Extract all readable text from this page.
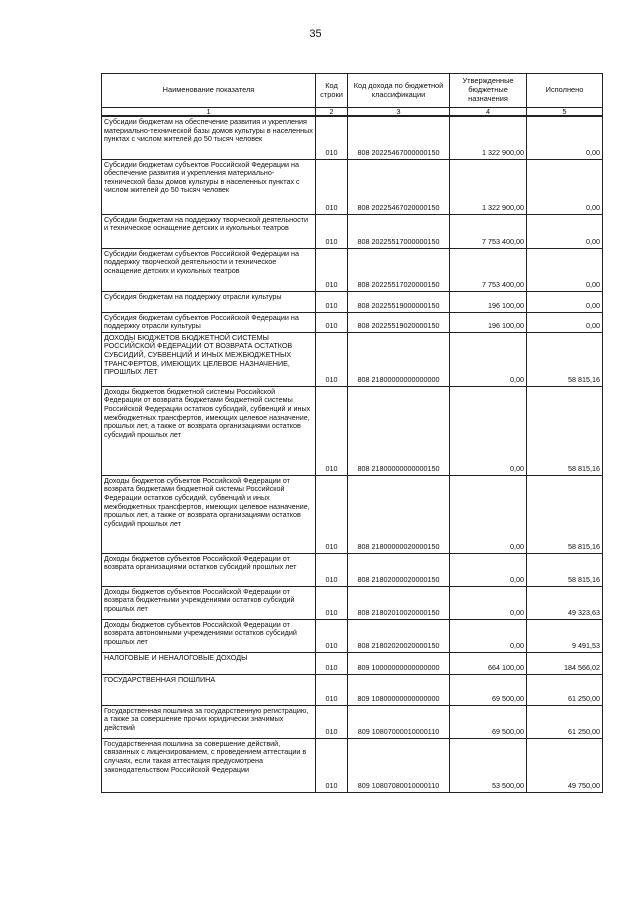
35
Наименование показателя	Код строки	Код дохода по бюджетной классификации	Утвержденные бюджетные назначения	Исполнено
1	2	3	4	5
Субсидии бюджетам на обеспечение развития и укрепления материально-технической базы домов культуры в населенных пунктах с числом жителей до 50 тысяч человек	010	808 20225467000000150	1 322 900,00	0,00
Субсидии бюджетам субъектов Российской Федерации на обеспечение развития и укрепления материально-технической базы домов культуры в населенных пунктах с числом жителей до 50 тысяч человек	010	808 20225467020000150	1 322 900,00	0,00
Субсидии бюджетам на поддержку творческой деятельности и техническое оснащение детских и кукольных театров	010	808 20225517000000150	7 753 400,00	0,00
Субсидии бюджетам субъектов Российской Федерации на поддержку творческой деятельности и техническое оснащение детских и кукольных театров	010	808 20225517020000150	7 753 400,00	0,00
Субсидия бюджетам на поддержку отрасли культуры	010	808 20225519000000150	196 100,00	0,00
Субсидия бюджетам субъектов Российской Федерации на поддержку отрасли культуры	010	808 20225519020000150	196 100,00	0,00
ДОХОДЫ БЮДЖЕТОВ БЮДЖЕТНОЙ СИСТЕМЫ РОССИЙСКОЙ ФЕДЕРАЦИИ ОТ ВОЗВРАТА ОСТАТКОВ СУБСИДИЙ, СУБВЕНЦИЙ И ИНЫХ МЕЖБЮДЖЕТНЫХ ТРАНСФЕРТОВ, ИМЕЮЩИХ ЦЕЛЕВОЕ НАЗНАЧЕНИЕ, ПРОШЛЫХ ЛЕТ	010	808 21800000000000000	0,00	58 815,16
Доходы бюджетов бюджетной системы Российской Федерации от возврата бюджетами бюджетной системы Российской Федерации остатков субсидий, субвенций и иных межбюджетных трансфертов, имеющих целевое назначение, прошлых лет, а также от возврата организациями остатков субсидий прошлых лет	010	808 21800000000000150	0,00	58 815,16
Доходы бюджетов субъектов Российской Федерации от возврата бюджетами бюджетной системы Российской Федерации остатков субсидий, субвенций и иных межбюджетных трансфертов, имеющих целевое назначение, прошлых лет, а также от возврата организациями остатков субсидий прошлых лет	010	808 21800000020000150	0,00	58 815,16
Доходы бюджетов субъектов Российской Федерации от возврата организациями остатков субсидий прошлых лет	010	808 21802000020000150	0,00	58 815,16
Доходы бюджетов субъектов Российской Федерации от возврата бюджетными учреждениями остатков субсидий прошлых лет	010	808 21802010020000150	0,00	49 323,63
Доходы бюджетов субъектов Российской Федерации от возврата автономными учреждениями остатков субсидий прошлых лет	010	808 21802020020000150	0,00	9 491,53
НАЛОГОВЫЕ И НЕНАЛОГОВЫЕ ДОХОДЫ	010	809 10000000000000000	664 100,00	184 566,02
ГОСУДАРСТВЕННАЯ ПОШЛИНА	010	809 10800000000000000	69 500,00	61 250,00
Государственная пошлина за государственную регистрацию, а также за совершение прочих юридически значимых действий	010	809 10807000010000110	69 500,00	61 250,00
Государственная пошлина за совершение действий, связанных с лицензированием, с проведением аттестации в случаях, если такая аттестация предусмотрена законодательством Российской Федерации	010	809 10807080010000110	53 500,00	49 750,00
